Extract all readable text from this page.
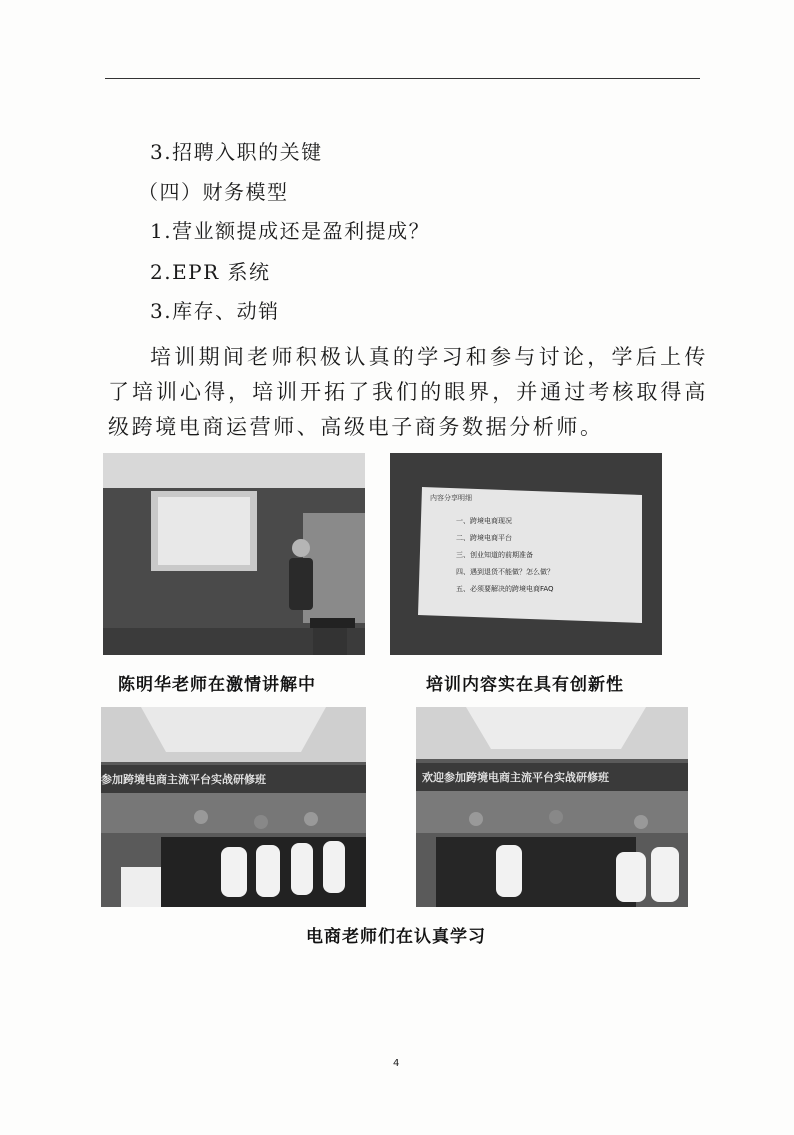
3.招聘入职的关键
（四）财务模型
1.营业额提成还是盈利提成？
2.EPR 系统
3.库存、动销
培训期间老师积极认真的学习和参与讨论，学后上传了培训心得，培训开拓了我们的眼界，并通过考核取得高级跨境电商运营师、高级电子商务数据分析师。
内容分享明细
一、跨境电商现况
二、跨境电商平台
三、创业知道的前期准备
四、遇到退货不能做？怎么做？
五、必须要解决的跨境电商FAQ
陈明华老师在激情讲解中	培训内容实在具有创新性
参加跨境电商主流平台实战研修班	欢迎参加跨境电商主流平台实战研修班
电商老师们在认真学习
4
